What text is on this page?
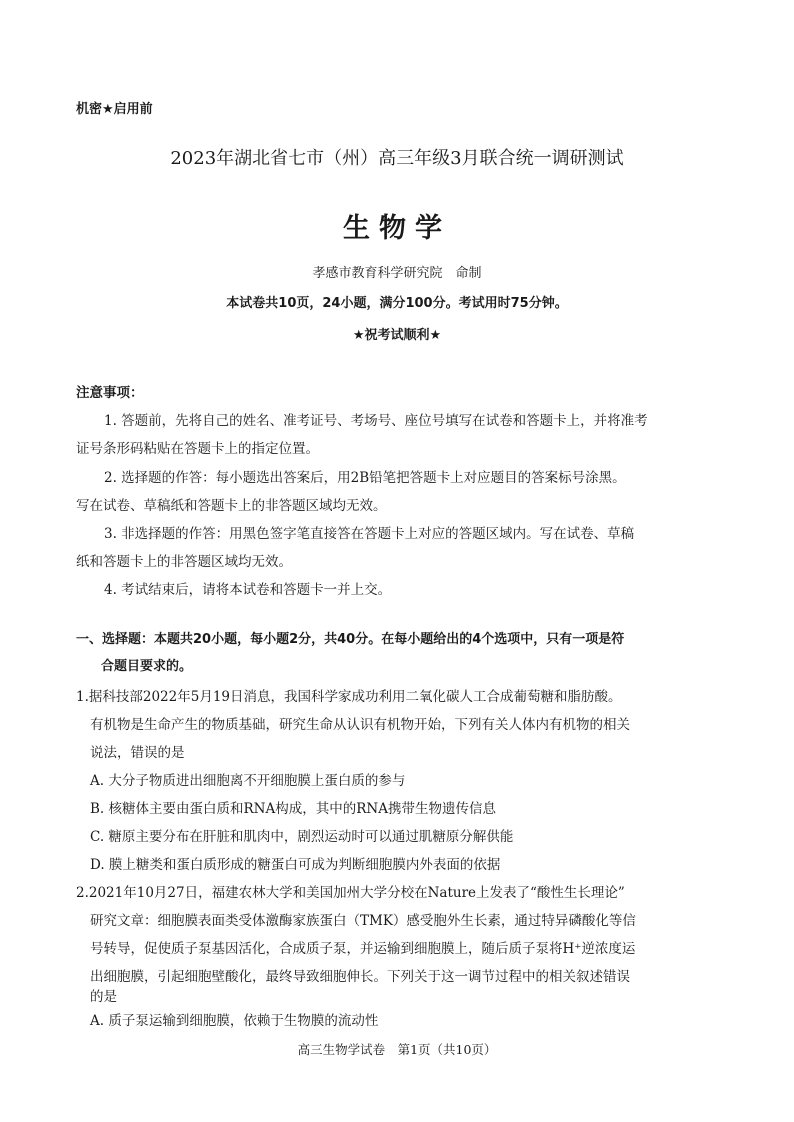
机密★启用前
2023年湖北省七市（州）高三年级3月联合统一调研测试
生物学
孝感市教育科学研究院　命制
本试卷共10页，24小题，满分100分。考试用时75分钟。
★祝考试顺利★
注意事项：
1. 答题前，先将自己的姓名、准考证号、考场号、座位号填写在试卷和答题卡上，并将准考
证号条形码粘贴在答题卡上的指定位置。
2. 选择题的作答：每小题选出答案后，用2B铅笔把答题卡上对应题目的答案标号涂黑。
写在试卷、草稿纸和答题卡上的非答题区域均无效。
3. 非选择题的作答：用黑色签字笔直接答在答题卡上对应的答题区域内。写在试卷、草稿
纸和答题卡上的非答题区域均无效。
4. 考试结束后，请将本试卷和答题卡一并上交。
一、选择题：本题共20小题，每小题2分，共40分。在每小题给出的4个选项中，只有一项是符
合题目要求的。
1.据科技部2022年5月19日消息，我国科学家成功利用二氧化碳人工合成葡萄糖和脂肪酸。
有机物是生命产生的物质基础，研究生命从认识有机物开始，下列有关人体内有机物的相关
说法，错误的是
A. 大分子物质进出细胞离不开细胞膜上蛋白质的参与
B. 核糖体主要由蛋白质和RNA构成，其中的RNA携带生物遗传信息
C. 糖原主要分布在肝脏和肌肉中，剧烈运动时可以通过肌糖原分解供能
D. 膜上糖类和蛋白质形成的糖蛋白可成为判断细胞膜内外表面的依据
2.2021年10月27日，福建农林大学和美国加州大学分校在Nature上发表了“酸性生长理论”
研究文章：细胞膜表面类受体激酶家族蛋白（TMK）感受胞外生长素，通过特异磷酸化等信
号转导，促使质子泵基因活化，合成质子泵，并运输到细胞膜上，随后质子泵将H⁺逆浓度运
出细胞膜，引起细胞壁酸化，最终导致细胞伸长。下列关于这一调节过程中的相关叙述错误
的是
A. 质子泵运输到细胞膜，依赖于生物膜的流动性
高三生物学试卷　第1页（共10页）
